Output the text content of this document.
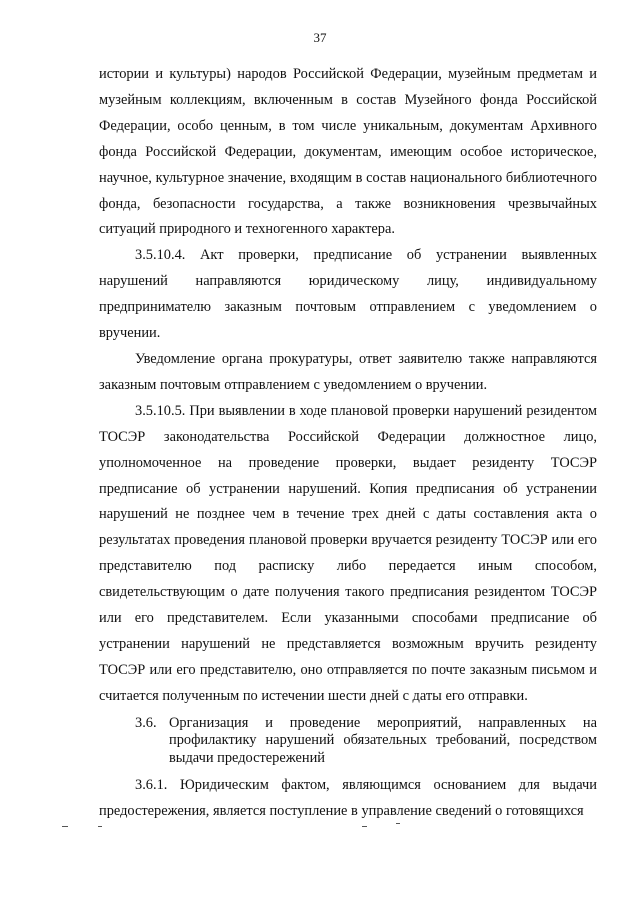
37

истории и культуры) народов Российской Федерации, музейным предметам и музейным коллекциям, включенным в состав Музейного фонда Российской Федерации, особо ценным, в том числе уникальным, документам Архивного фонда Российской Федерации, документам, имеющим особое историческое, научное, культурное значение, входящим в состав национального библиотечного фонда, безопасности государства, а также возникновения чрезвычайных ситуаций природного и техногенного характера.

3.5.10.4. Акт проверки, предписание об устранении выявленных нарушений направляются юридическому лицу, индивидуальному предпринимателю заказным почтовым отправлением с уведомлением о вручении.

Уведомление органа прокуратуры, ответ заявителю также направляются заказным почтовым отправлением с уведомлением о вручении.

3.5.10.5. При выявлении в ходе плановой проверки нарушений резидентом ТОСЭР законодательства Российской Федерации должностное лицо, уполномоченное на проведение проверки, выдает резиденту ТОСЭР предписание об устранении нарушений. Копия предписания об устранении нарушений не позднее чем в течение трех дней с даты составления акта о результатах проведения плановой проверки вручается резиденту ТОСЭР или его представителю под расписку либо передается иным способом, свидетельствующим о дате получения такого предписания резидентом ТОСЭР или его представителем. Если указанными способами предписание об устранении нарушений не представляется возможным вручить резиденту ТОСЭР или его представителю, оно отправляется по почте заказным письмом и считается полученным по истечении шести дней с даты его отправки.

3.6. Организация и проведение мероприятий, направленных на профилактику нарушений обязательных требований, посредством выдачи предостережений

3.6.1. Юридическим фактом, являющимся основанием для выдачи предостережения, является поступление в управление сведений о готовящихся
